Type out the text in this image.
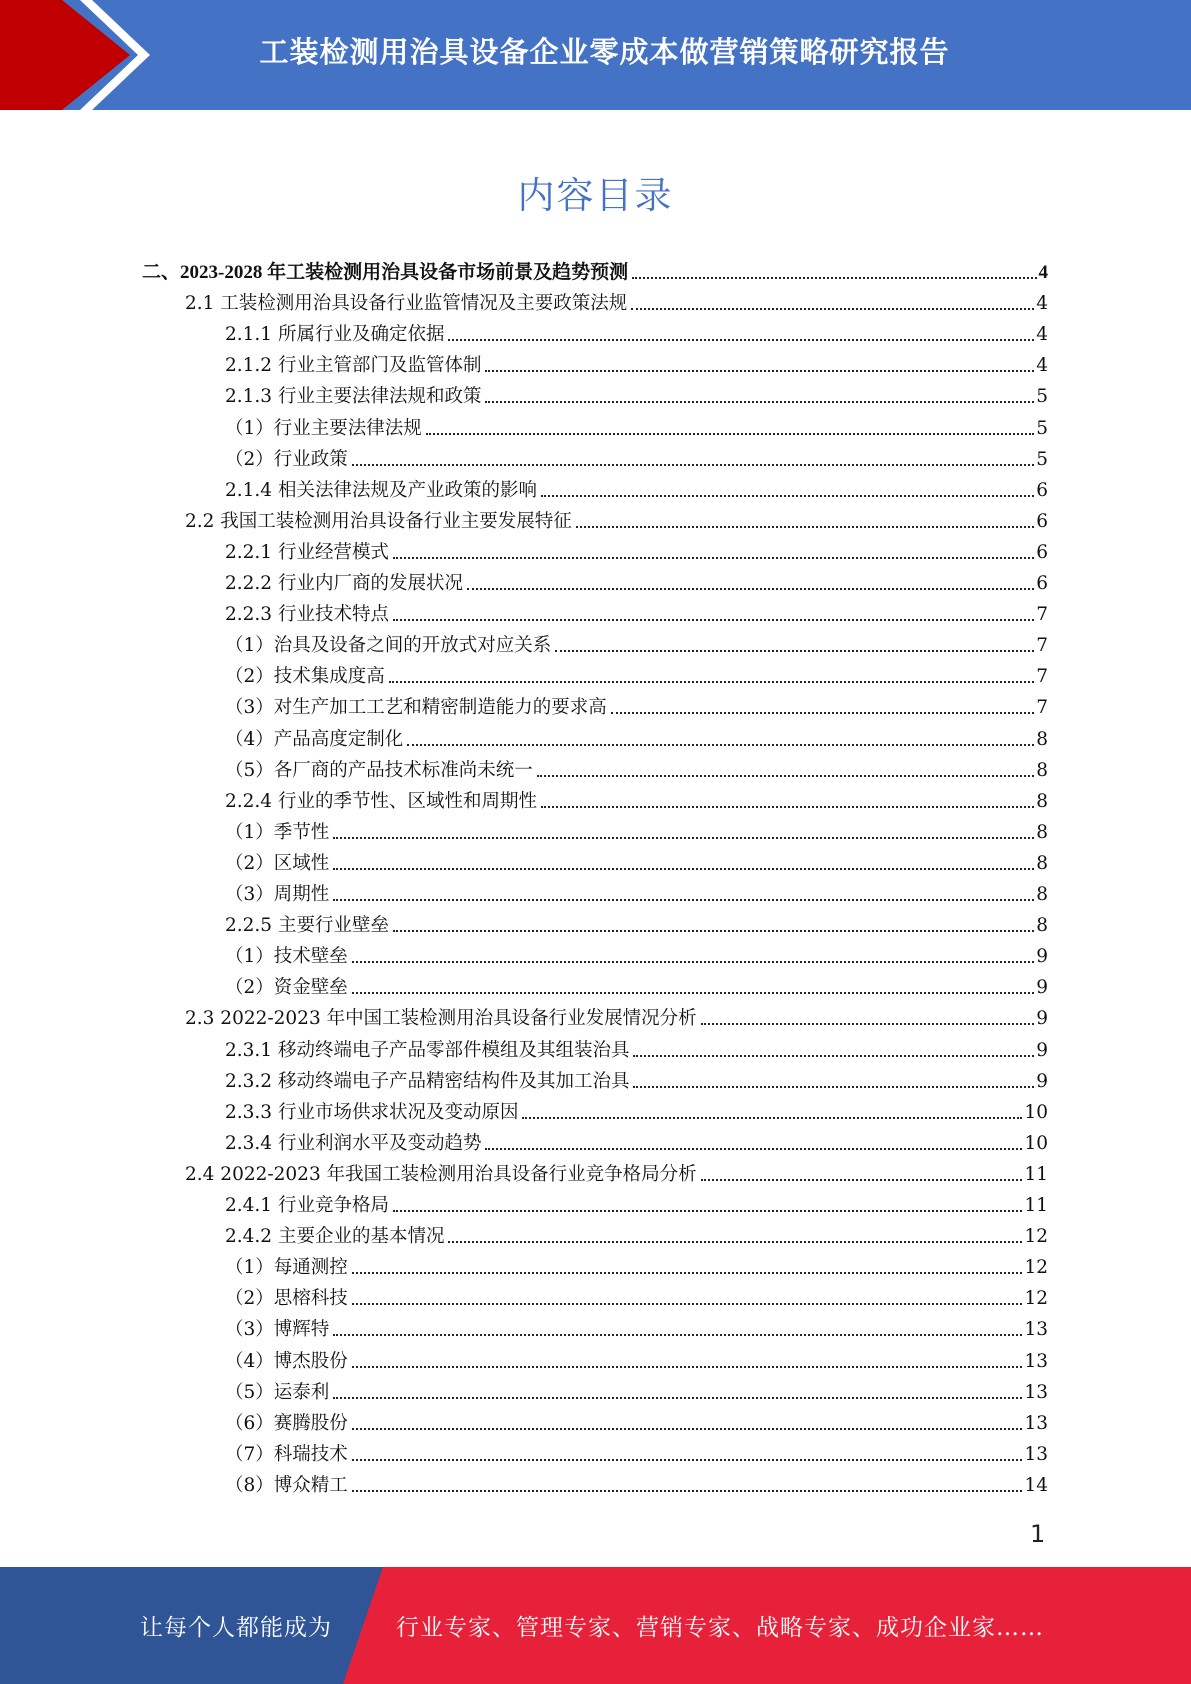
工装检测用治具设备企业零成本做营销策略研究报告
内容目录
二、2023-2028 年工装检测用治具设备市场前景及趋势预测	4
2.1 工装检测用治具设备行业监管情况及主要政策法规	4
2.1.1 所属行业及确定依据	4
2.1.2 行业主管部门及监管体制	4
2.1.3 行业主要法律法规和政策	5
（1）行业主要法律法规	5
（2）行业政策	5
2.1.4 相关法律法规及产业政策的影响	6
2.2 我国工装检测用治具设备行业主要发展特征	6
2.2.1 行业经营模式	6
2.2.2 行业内厂商的发展状况	6
2.2.3 行业技术特点	7
（1）治具及设备之间的开放式对应关系	7
（2）技术集成度高	7
（3）对生产加工工艺和精密制造能力的要求高	7
（4）产品高度定制化	8
（5）各厂商的产品技术标准尚未统一	8
2.2.4 行业的季节性、区域性和周期性	8
（1）季节性	8
（2）区域性	8
（3）周期性	8
2.2.5 主要行业壁垒	8
（1）技术壁垒	9
（2）资金壁垒	9
2.3 2022-2023 年中国工装检测用治具设备行业发展情况分析	9
2.3.1 移动终端电子产品零部件模组及其组装治具	9
2.3.2 移动终端电子产品精密结构件及其加工治具	9
2.3.3 行业市场供求状况及变动原因	10
2.3.4 行业利润水平及变动趋势	10
2.4 2022-2023 年我国工装检测用治具设备行业竞争格局分析	11
2.4.1 行业竞争格局	11
2.4.2 主要企业的基本情况	12
（1）每通测控	12
（2）思榕科技	12
（3）博辉特	13
（4）博杰股份	13
（5）运泰利	13
（6）赛腾股份	13
（7）科瑞技术	13
（8）博众精工	14
1
让每个人都能成为	行业专家、管理专家、营销专家、战略专家、成功企业家……
